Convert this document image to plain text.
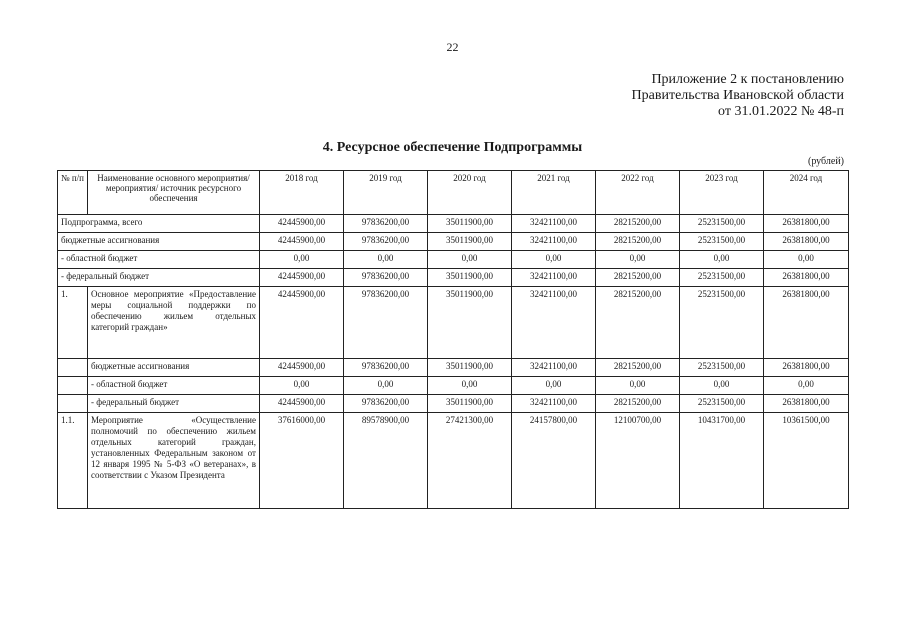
22
Приложение 2 к постановлению
Правительства Ивановской области
от 31.01.2022 № 48-п
4. Ресурсное обеспечение Подпрограммы
(рублей)
№ п/п	Наименование основного мероприятия/мероприятия/ источник ресурсного обеспечения	2018 год	2019 год	2020 год	2021 год	2022 год	2023 год	2024 год
Подпрограмма, всего		42445900,00	97836200,00	35011900,00	32421100,00	28215200,00	25231500,00	26381800,00
бюджетные ассигнования		42445900,00	97836200,00	35011900,00	32421100,00	28215200,00	25231500,00	26381800,00
- областной бюджет		0,00	0,00	0,00	0,00	0,00	0,00	0,00
- федеральный бюджет		42445900,00	97836200,00	35011900,00	32421100,00	28215200,00	25231500,00	26381800,00
1.	Основное мероприятие «Предоставление меры социальной поддержки по обеспечению жильем отдельных категорий граждан»	42445900,00	97836200,00	35011900,00	32421100,00	28215200,00	25231500,00	26381800,00
	бюджетные ассигнования	42445900,00	97836200,00	35011900,00	32421100,00	28215200,00	25231500,00	26381800,00
	- областной бюджет	0,00	0,00	0,00	0,00	0,00	0,00	0,00
	- федеральный бюджет	42445900,00	97836200,00	35011900,00	32421100,00	28215200,00	25231500,00	26381800,00
1.1.	Мероприятие «Осуществление полномочий по обеспечению жильем отдельных категорий граждан, установленных Федеральным законом от 12 января 1995 № 5-ФЗ «О ветеранах», в соответствии с Указом Президента	37616000,00	89578900,00	27421300,00	24157800,00	12100700,00	10431700,00	10361500,00
